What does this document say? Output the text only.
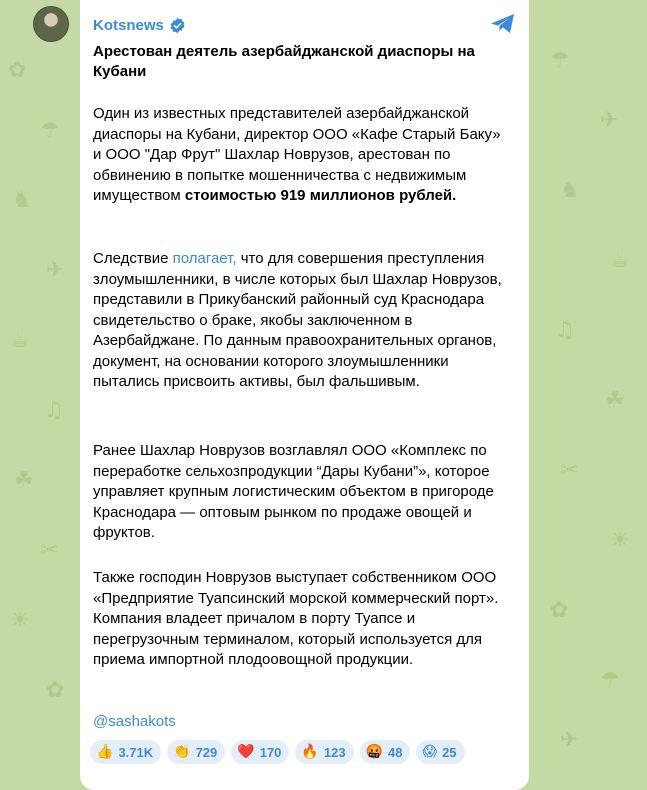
✿
☂
♞
✈
☕
♫
☘
✂
☀
✿
☂
✈
♞
☕
♫
☘
✂
☀
✿
☂
✈
Kotsnews
Арестован деятель азербайджанской диаспоры на Кубани

Один из известных представителей азербайджанской диаспоры на Кубани, директор ООО «Кафе Старый Баку» и ООО "Дар Фрут" Шахлар Новрузов, арестован по обвинению в попытке мошенничества с недвижимым имуществом стоимостью 919 миллионов рублей.

Следствие полагает, что для совершения преступления злоумышленники, в числе которых был Шахлар Новрузов, представили в Прикубанский районный суд Краснодара свидетельство о браке, якобы заключенном в Азербайджане. По данным правоохранительных органов, документ, на основании которого злоумышленники пытались присвоить активы, был фальшивым.

Ранее Шахлар Новрузов возглавлял ООО «Комплекс по переработке сельхозпродукции “Дары Кубани”», которое управляет крупным логистическим объектом в пригороде Краснодара — оптовым рынком по продаже овощей и фруктов.

Также господин Новрузов выступает собственником ООО «Предприятие Туапсинский морской коммерческий порт». Компания владеет причалом в порту Туапсе и перегрузочным терминалом, который используется для приема импортной плодоовощной продукции.

@sashakots

👍 3.71K 👏 729 ❤️ 170 🔥 123 🤬 48 😱 25
